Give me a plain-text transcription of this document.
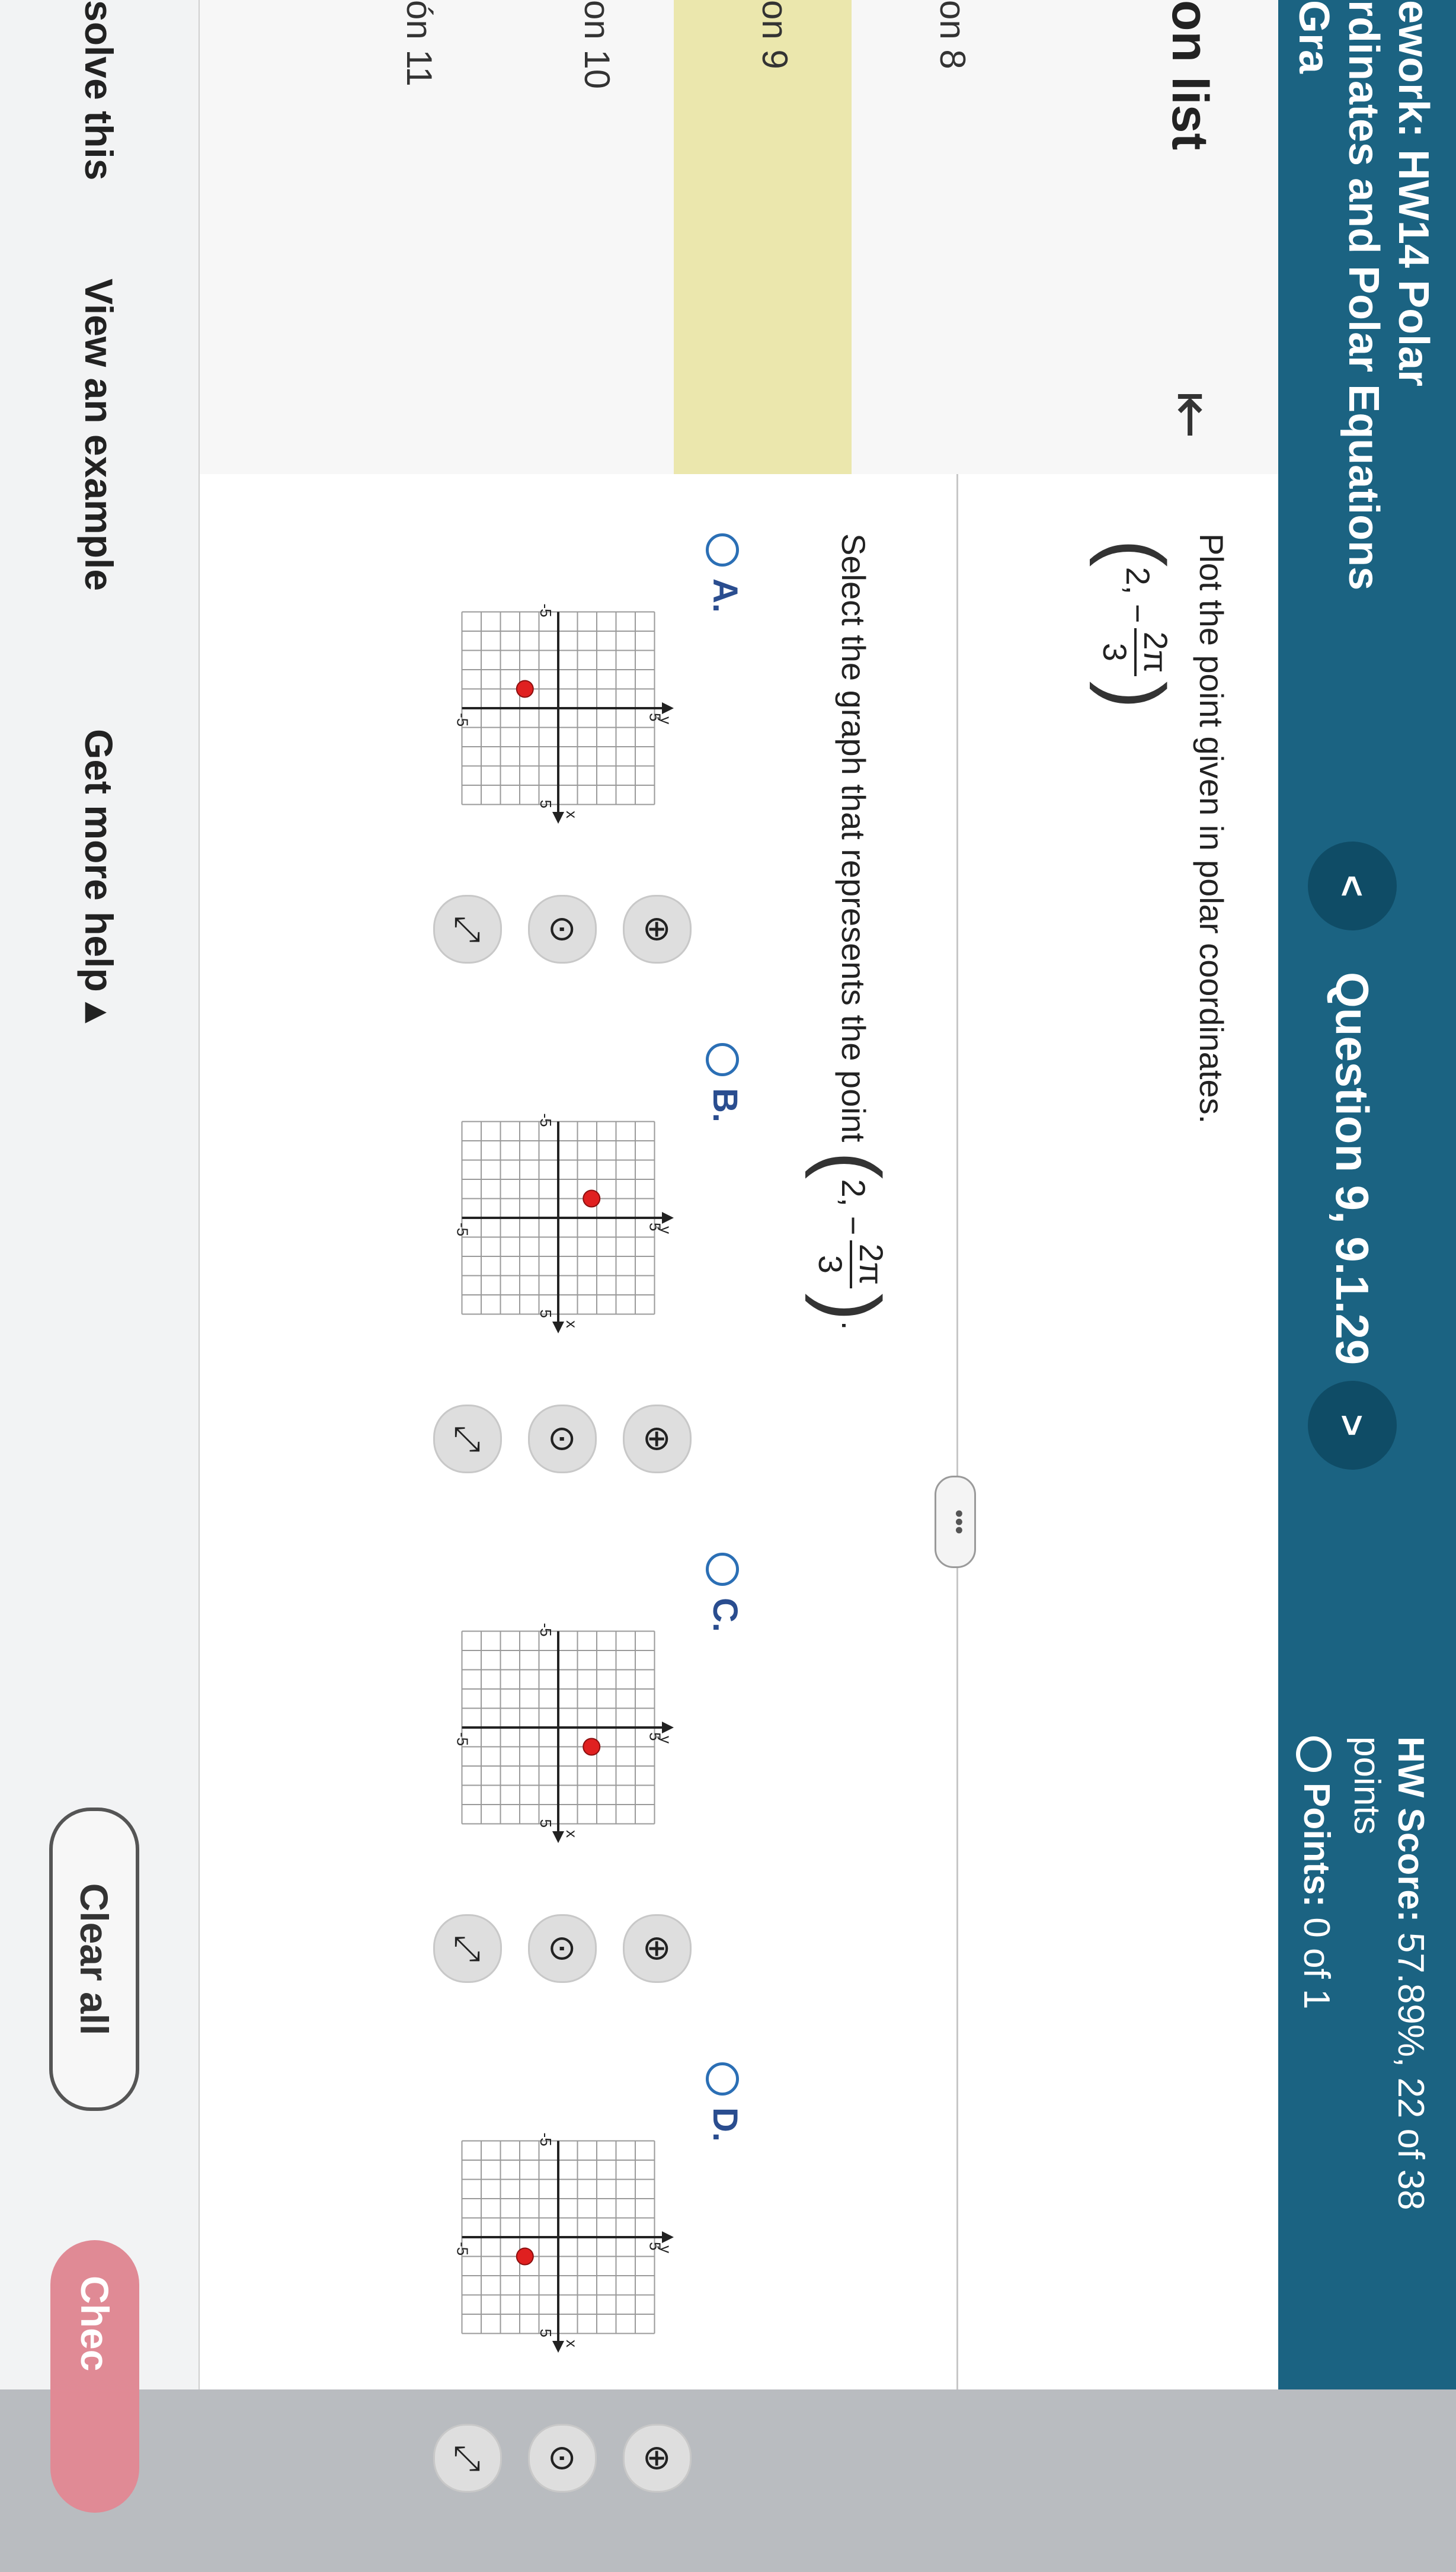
ework: HW14 Polar
rdinates and Polar Equations
Gra
<
Question 9, 9.1.29
>
HW Score: 57.89%, 22 of 38
points
Points: 0 of 1
on list
⇤
on 8
on 9
on 10
ón 11
Plot the point given in polar coordinates.
(2, −
2π
3
)
•••
Select the graph that represents the point (2, −
2π
3
).
A.
x
y
-5
5
-5	5
⊕
⊙
⤢
B.
x
y
-5
5
-5	5
⊕
⊙
⤢
C.
x
y
-5
5
-5	5
⊕
⊙
⤢
D.
x
y
-5
5
-5	5
⊕
⊙
⤢
solve this
View an example
Get more help ▴
Clear all
Chec
